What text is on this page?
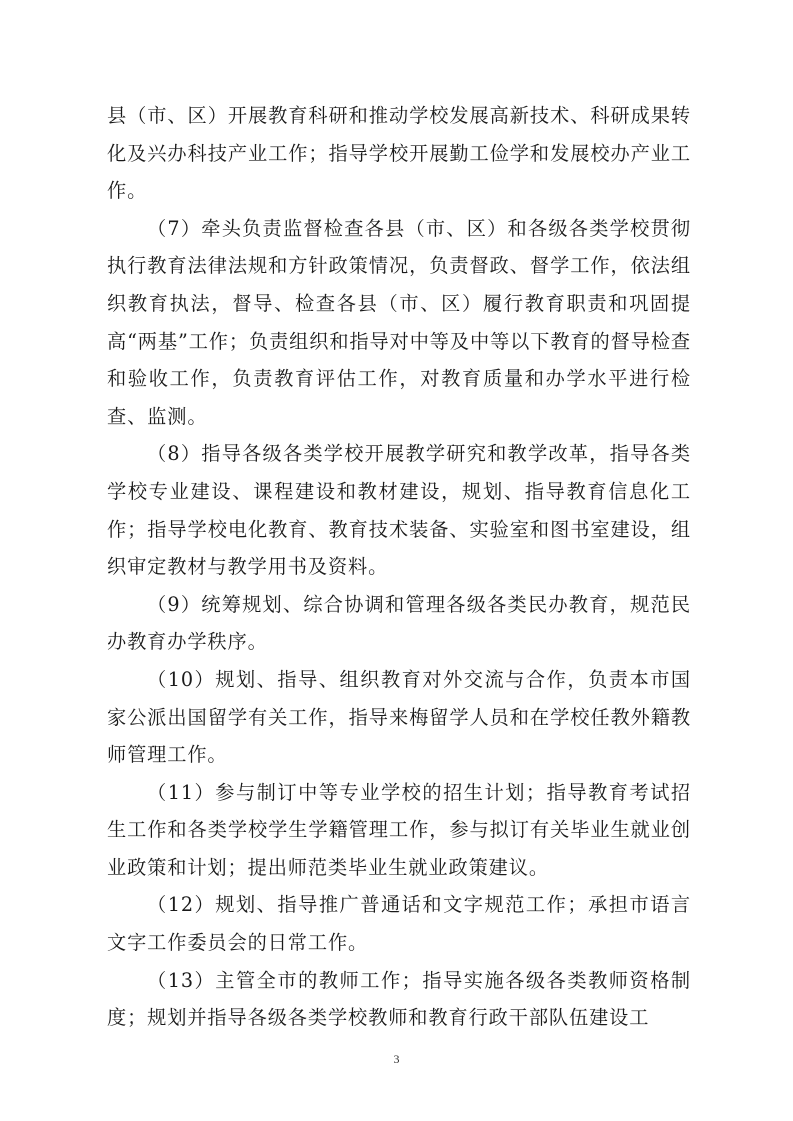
县（市、区）开展教育科研和推动学校发展高新技术、科研成果转化及兴办科技产业工作；指导学校开展勤工俭学和发展校办产业工作。

（7）牵头负责监督检查各县（市、区）和各级各类学校贯彻执行教育法律法规和方针政策情况，负责督政、督学工作，依法组织教育执法，督导、检查各县（市、区）履行教育职责和巩固提高“两基”工作；负责组织和指导对中等及中等以下教育的督导检查和验收工作，负责教育评估工作，对教育质量和办学水平进行检查、监测。

（8）指导各级各类学校开展教学研究和教学改革，指导各类学校专业建设、课程建设和教材建设，规划、指导教育信息化工作；指导学校电化教育、教育技术装备、实验室和图书室建设，组织审定教材与教学用书及资料。

（9）统筹规划、综合协调和管理各级各类民办教育，规范民办教育办学秩序。

（10）规划、指导、组织教育对外交流与合作，负责本市国家公派出国留学有关工作，指导来梅留学人员和在学校任教外籍教师管理工作。

（11）参与制订中等专业学校的招生计划；指导教育考试招生工作和各类学校学生学籍管理工作，参与拟订有关毕业生就业创业政策和计划；提出师范类毕业生就业政策建议。

（12）规划、指导推广普通话和文字规范工作；承担市语言文字工作委员会的日常工作。

（13）主管全市的教师工作；指导实施各级各类教师资格制度；规划并指导各级各类学校教师和教育行政干部队伍建设工

3
